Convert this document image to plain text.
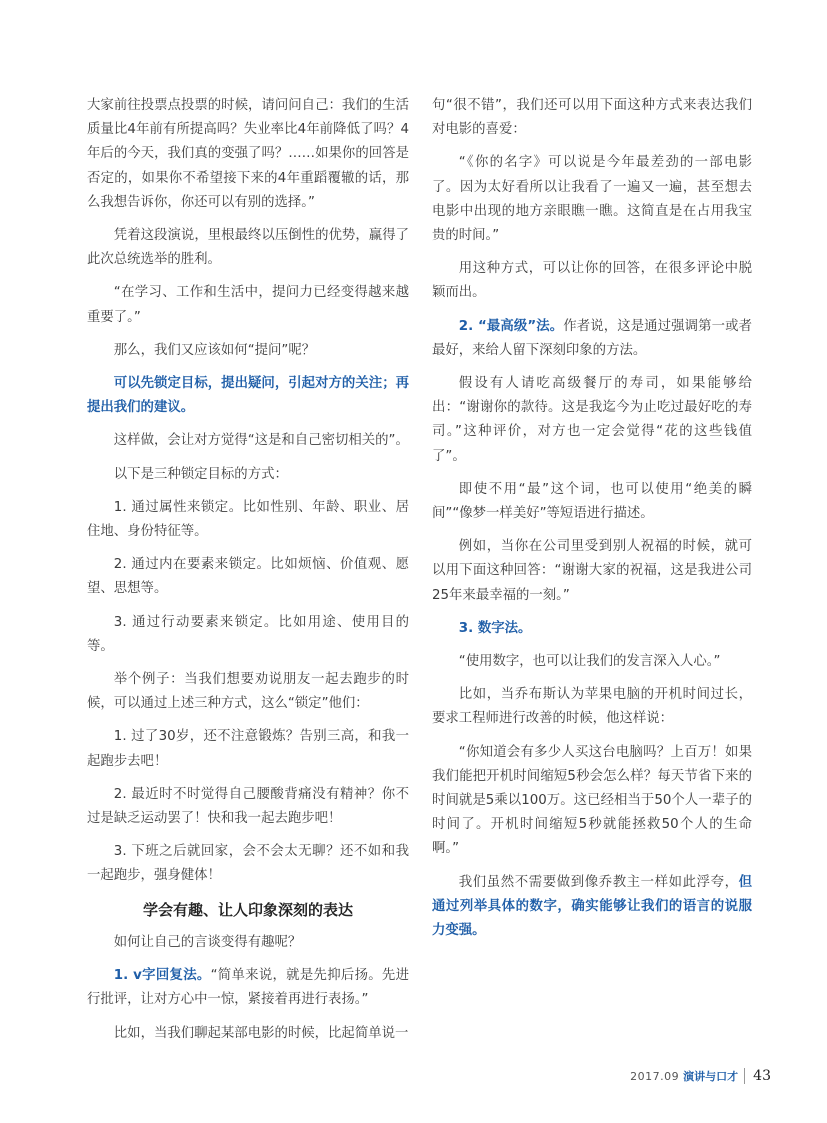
大家前往投票点投票的时候，请问问自己：我们的生活质量比4年前有所提高吗？失业率比4年前降低了吗？4年后的今天，我们真的变强了吗？……如果你的回答是否定的，如果你不希望接下来的4年重蹈覆辙的话，那么我想告诉你，你还可以有别的选择。”

凭着这段演说，里根最终以压倒性的优势，赢得了此次总统选举的胜利。

“在学习、工作和生活中，提问力已经变得越来越重要了。”

那么，我们又应该如何“提问”呢？

可以先锁定目标，提出疑问，引起对方的关注；再提出我们的建议。

这样做，会让对方觉得“这是和自己密切相关的”。

以下是三种锁定目标的方式：

1. 通过属性来锁定。比如性别、年龄、职业、居住地、身份特征等。

2. 通过内在要素来锁定。比如烦恼、价值观、愿望、思想等。

3. 通过行动要素来锁定。比如用途、使用目的等。

举个例子：当我们想要劝说朋友一起去跑步的时候，可以通过上述三种方式，这么“锁定”他们：

1. 过了30岁，还不注意锻炼？告别三高，和我一起跑步去吧！

2. 最近时不时觉得自己腰酸背痛没有精神？你不过是缺乏运动罢了！快和我一起去跑步吧！

3. 下班之后就回家，会不会太无聊？还不如和我一起跑步，强身健体！

学会有趣、让人印象深刻的表达

如何让自己的言谈变得有趣呢？

1. v字回复法。“简单来说，就是先抑后扬。先进行批评，让对方心中一惊，紧接着再进行表扬。”

比如，当我们聊起某部电影的时候，比起简单说一

句“很不错”，我们还可以用下面这种方式来表达我们对电影的喜爱：

“《你的名字》可以说是今年最差劲的一部电影了。因为太好看所以让我看了一遍又一遍，甚至想去电影中出现的地方亲眼瞧一瞧。这简直是在占用我宝贵的时间。”

用这种方式，可以让你的回答，在很多评论中脱颖而出。

2. “最高级”法。作者说，这是通过强调第一或者最好，来给人留下深刻印象的方法。

假设有人请吃高级餐厅的寿司，如果能够给出：“谢谢你的款待。这是我迄今为止吃过最好吃的寿司。”这种评价，对方也一定会觉得“花的这些钱值了”。

即使不用“最”这个词，也可以使用“绝美的瞬间”“像梦一样美好”等短语进行描述。

例如，当你在公司里受到别人祝福的时候，就可以用下面这种回答：“谢谢大家的祝福，这是我进公司25年来最幸福的一刻。”

3. 数字法。

“使用数字，也可以让我们的发言深入人心。”

比如，当乔布斯认为苹果电脑的开机时间过长，要求工程师进行改善的时候，他这样说：

“你知道会有多少人买这台电脑吗？上百万！如果我们能把开机时间缩短5秒会怎么样？每天节省下来的时间就是5乘以100万。这已经相当于50个人一辈子的时间了。开机时间缩短5秒就能拯救50个人的生命啊。”

我们虽然不需要做到像乔教主一样如此浮夸，但通过列举具体的数字，确实能够让我们的语言的说服力变强。

2017.09 演讲与口才 43
